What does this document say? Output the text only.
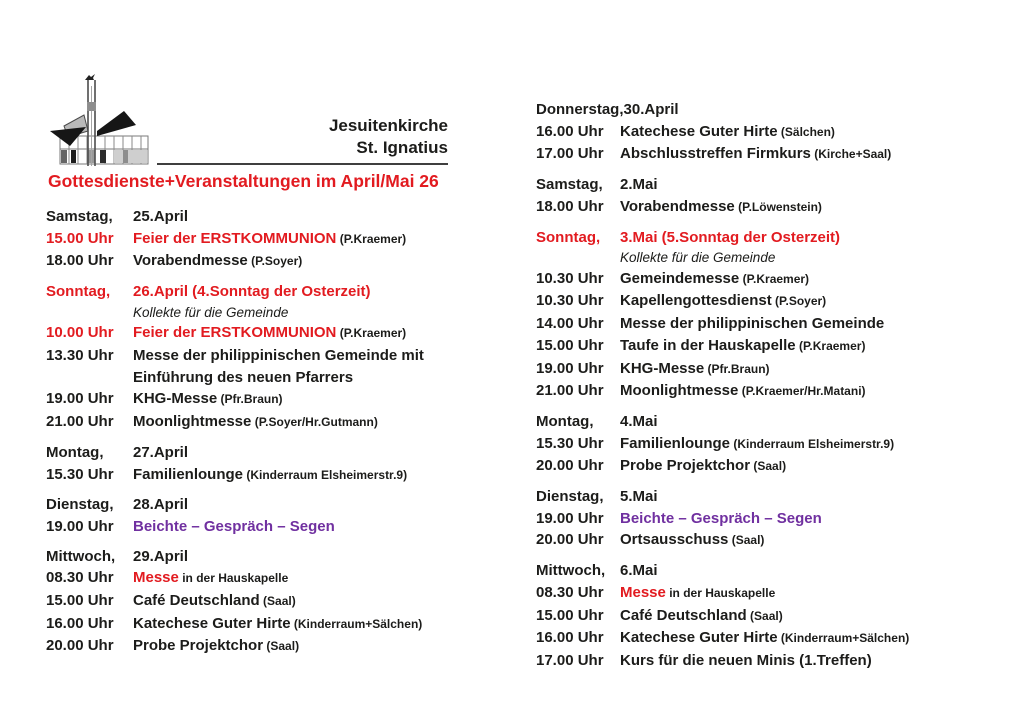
Jesuitenkirche
St. Ignatius
Gottesdienste+Veranstaltungen im April/Mai 26
Samstag,	25.April
15.00 Uhr	Feier der ERSTKOMMUNION (P.Kraemer)
18.00 Uhr	Vorabendmesse (P.Soyer)
Sonntag,	26.April (4.Sonntag der Osterzeit)
Kollekte für die Gemeinde
10.00 Uhr	Feier der ERSTKOMMUNION (P.Kraemer)
13.30 Uhr	Messe der philippinischen Gemeinde mit
Einführung des neuen Pfarrers
19.00 Uhr	KHG-Messe (Pfr.Braun)
21.00 Uhr	Moonlightmesse (P.Soyer/Hr.Gutmann)
Montag,	27.April
15.30 Uhr	Familienlounge (Kinderraum Elsheimerstr.9)
Dienstag,	28.April
19.00 Uhr	Beichte – Gespräch – Segen
Mittwoch,	29.April
08.30 Uhr	Messe in der Hauskapelle
15.00 Uhr	Café Deutschland (Saal)
16.00 Uhr	Katechese Guter Hirte (Kinderraum+Sälchen)
20.00 Uhr	Probe Projektchor (Saal)
Donnerstag, 30.April
16.00 Uhr	Katechese Guter Hirte (Sälchen)
17.00 Uhr	Abschlusstreffen Firmkurs (Kirche+Saal)
Samstag,	2.Mai
18.00 Uhr	Vorabendmesse (P.Löwenstein)
Sonntag,	3.Mai (5.Sonntag der Osterzeit)
Kollekte für die Gemeinde
10.30 Uhr	Gemeindemesse (P.Kraemer)
10.30 Uhr	Kapellengottesdienst (P.Soyer)
14.00 Uhr	Messe der philippinischen Gemeinde
15.00 Uhr	Taufe in der Hauskapelle (P.Kraemer)
19.00 Uhr	KHG-Messe (Pfr.Braun)
21.00 Uhr	Moonlightmesse (P.Kraemer/Hr.Matani)
Montag,	4.Mai
15.30 Uhr	Familienlounge (Kinderraum Elsheimerstr.9)
20.00 Uhr	Probe Projektchor (Saal)
Dienstag,	5.Mai
19.00 Uhr	Beichte – Gespräch – Segen
20.00 Uhr	Ortsausschuss (Saal)
Mittwoch, 6.Mai
08.30 Uhr	Messe in der Hauskapelle
15.00 Uhr	Café Deutschland (Saal)
16.00 Uhr	Katechese Guter Hirte (Kinderraum+Sälchen)
17.00 Uhr	Kurs für die neuen Minis (1.Treffen)
